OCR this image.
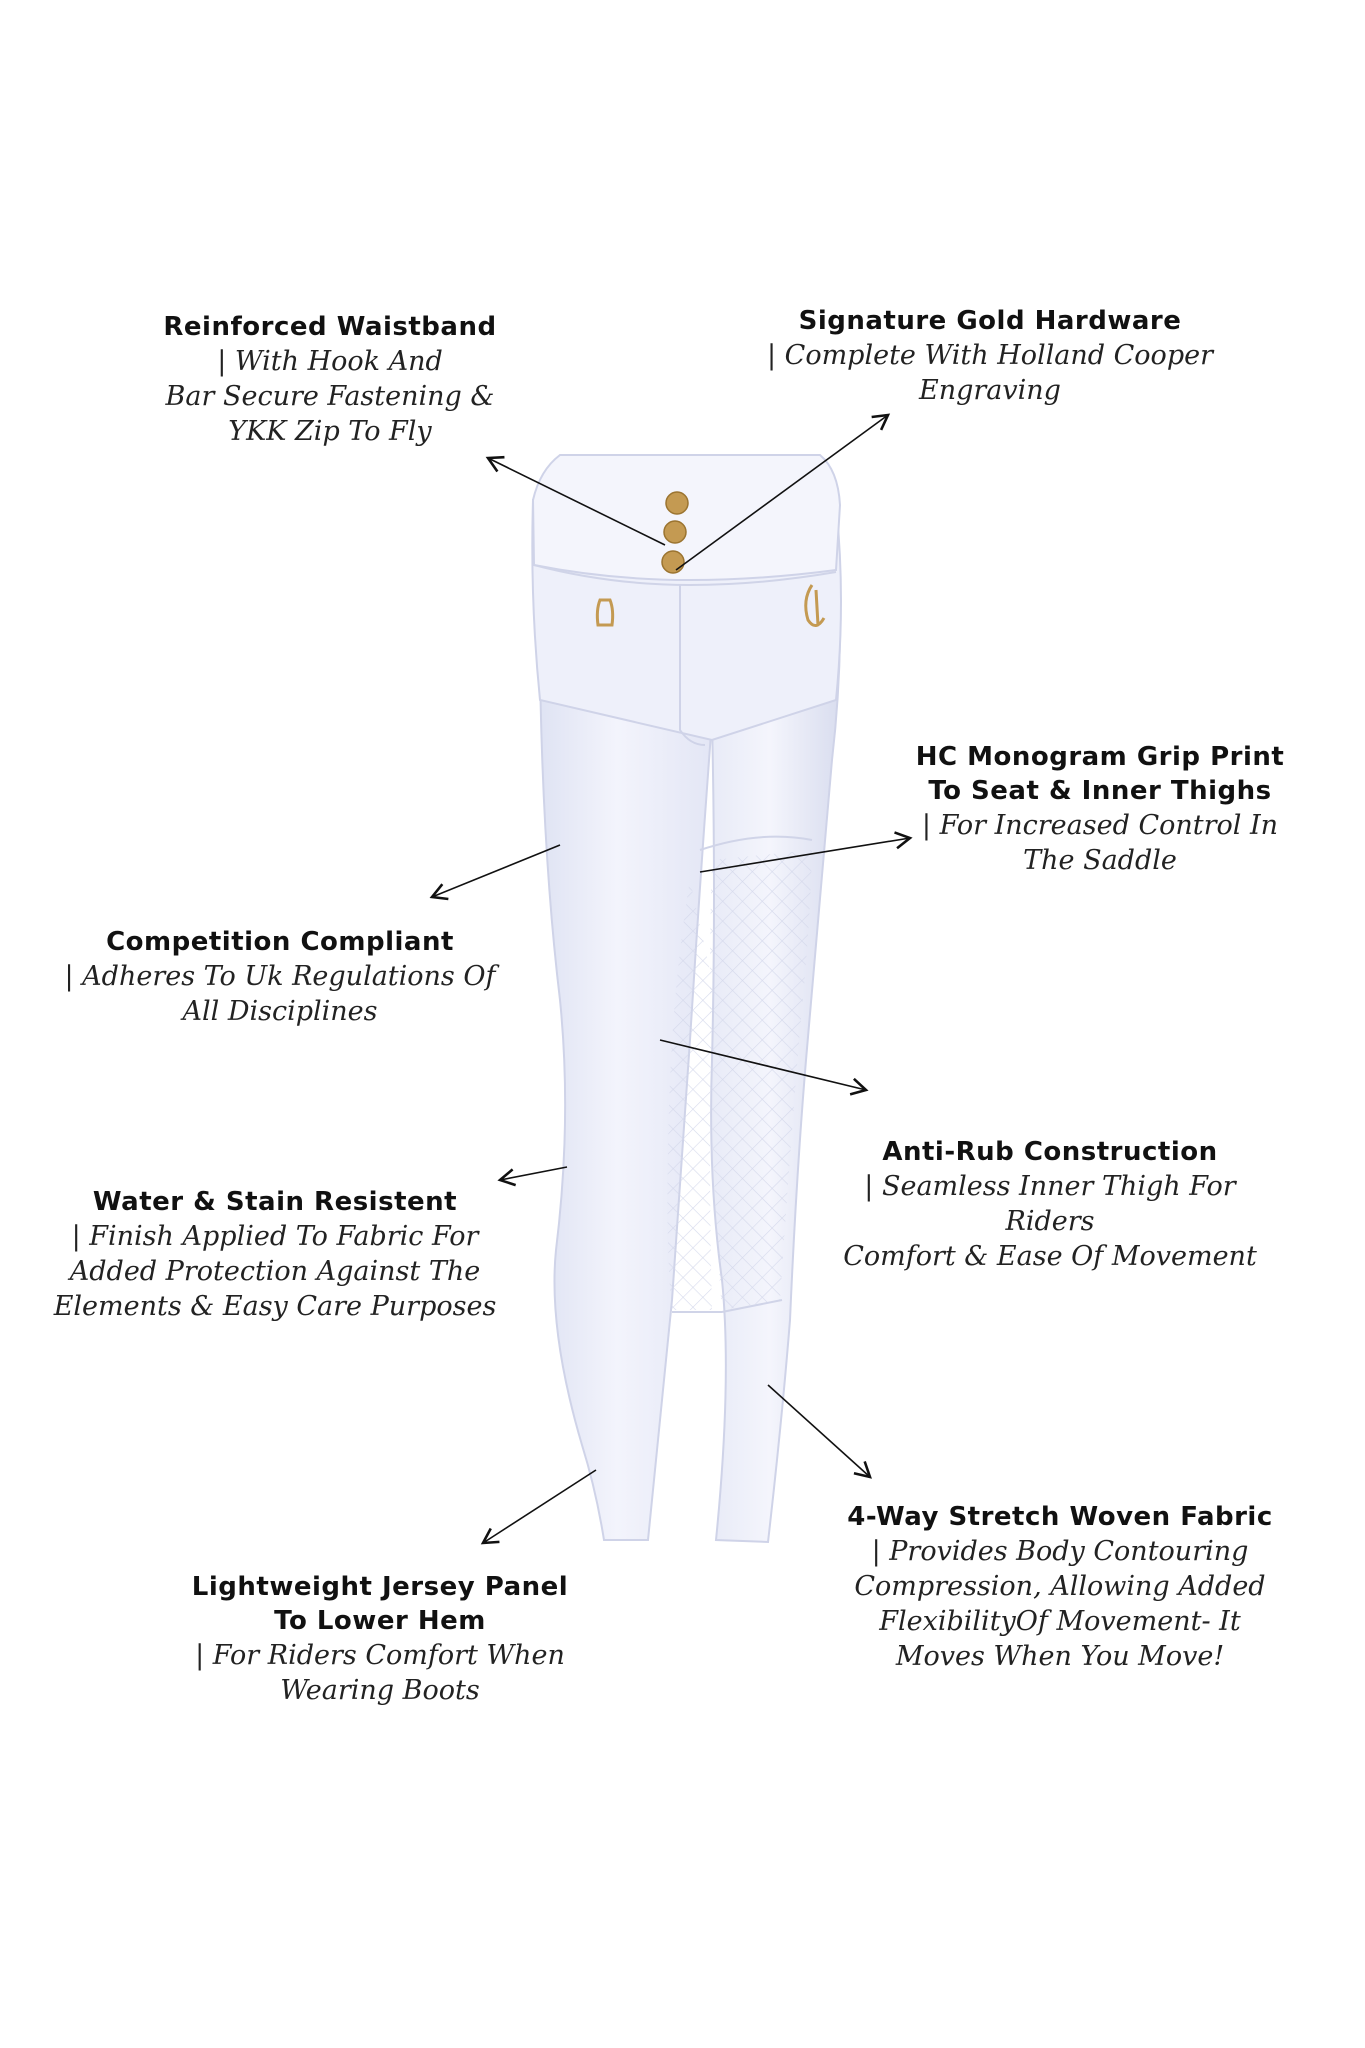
Reinforced Waistband
| With Hook And
Bar Secure Fastening &
YKK Zip To Fly
Signature Gold Hardware
| Complete With Holland Cooper
Engraving
HC Monogram Grip Print
To Seat & Inner Thighs
| For Increased Control In
The Saddle
Competition Compliant
| Adheres To Uk Regulations Of
All Disciplines
Anti-Rub Construction
| Seamless Inner Thigh For Riders
Comfort & Ease Of Movement
Water & Stain Resistent
| Finish Applied To Fabric For
Added Protection Against The
Elements & Easy Care Purposes
4-Way Stretch Woven Fabric
| Provides Body Contouring
Compression, Allowing Added
FlexibilityOf Movement- It
Moves When You Move!
Lightweight Jersey Panel
To Lower Hem
| For Riders Comfort When
Wearing Boots
